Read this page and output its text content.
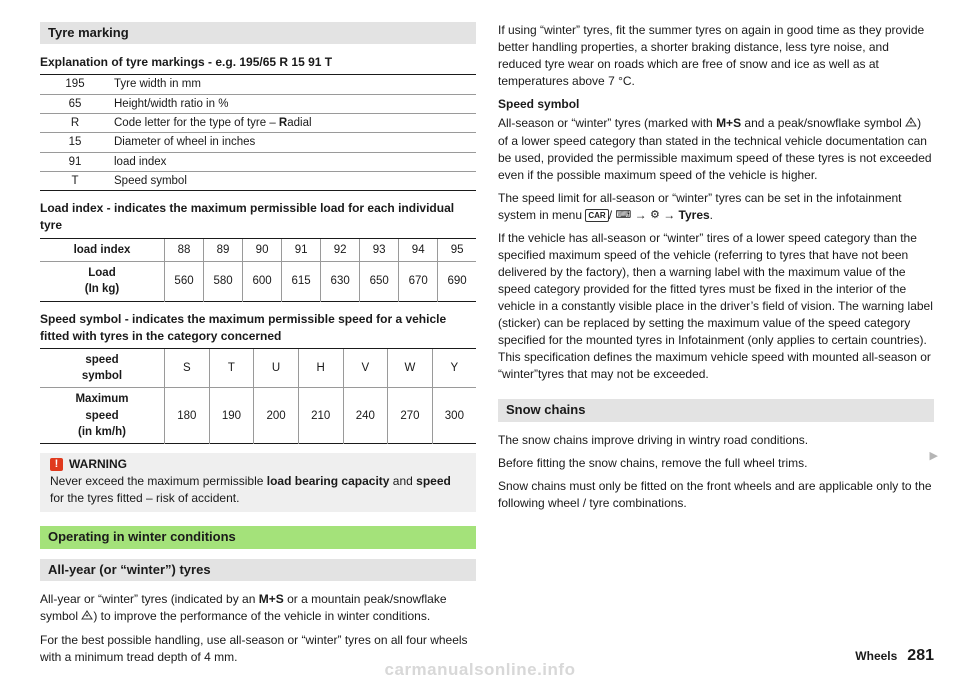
Tyre marking

Explanation of tyre markings - e.g. 195/65 R 15 91 T

195	Tyre width in mm
65	Height/width ratio in %
R	Code letter for the type of tyre – Radial
15	Diameter of wheel in inches
91	load index
T	Speed symbol

Load index - indicates the maximum permissible load for each individual tyre

load index	88	89	90	91	92	93	94	95
Load
(In kg)	560	580	600	615	630	650	670	690

Speed symbol - indicates the maximum permissible speed for a vehicle fitted with tyres in the category concerned

speed
symbol	S	T	U	H	V	W	Y
Maximum
speed
(in km/h)	180	190	200	210	240	270	300
! WARNING
Never exceed the maximum permissible load bearing capacity and speed for the tyres fitted – risk of accident.
Operating in winter conditions
All-year (or “winter”) tyres

All-year or “winter” tyres (indicated by an M+S or a mountain peak/snowflake symbol ) to improve the performance of the vehicle in winter conditions.

For the best possible handling, use all-season or “winter” tyres on all four wheels with a minimum tread depth of 4 mm.

If using “winter” tyres, fit the summer tyres on again in good time as they provide better handling properties, a shorter braking distance, less tyre noise, and reduced tyre wear on roads which are free of snow and ice as well as at temperatures above 7 °C.

Speed symbol

All-season or “winter” tyres (marked with M+S and a peak/snowflake symbol ) of a lower speed category than stated in the technical vehicle documentation can be used, provided the permissible maximum speed of these tyres is not exceeded even if the possible maximum speed of the vehicle is higher.

The speed limit for all-season or “winter” tyres can be set in the infotainment system in menu CAR / ⌨ → ⚙ → Tyres.

If the vehicle has all-season or “winter” tires of a lower speed category than the specified maximum speed of the vehicle (referring to tyres that have not been delivered by the factory), then a warning label with the maximum value of the speed category provided for the fitted tyres must be fixed in the interior of the vehicle in a constantly visible place in the driver’s field of vision. The warning label (sticker) can be replaced by setting the maximum value of the speed category specified for the mounted tyres in Infotainment (only applies to certain countries). This specification defines the maximum vehicle speed with mounted all-season or “winter”tyres that may not be exceeded.

Snow chains

The snow chains improve driving in wintry road conditions.

Before fitting the snow chains, remove the full wheel trims.

Snow chains must only be fitted on the front wheels and are applicable only to the following wheel / tyre combinations.

▶
Wheels 281
carmanualsonline.info
